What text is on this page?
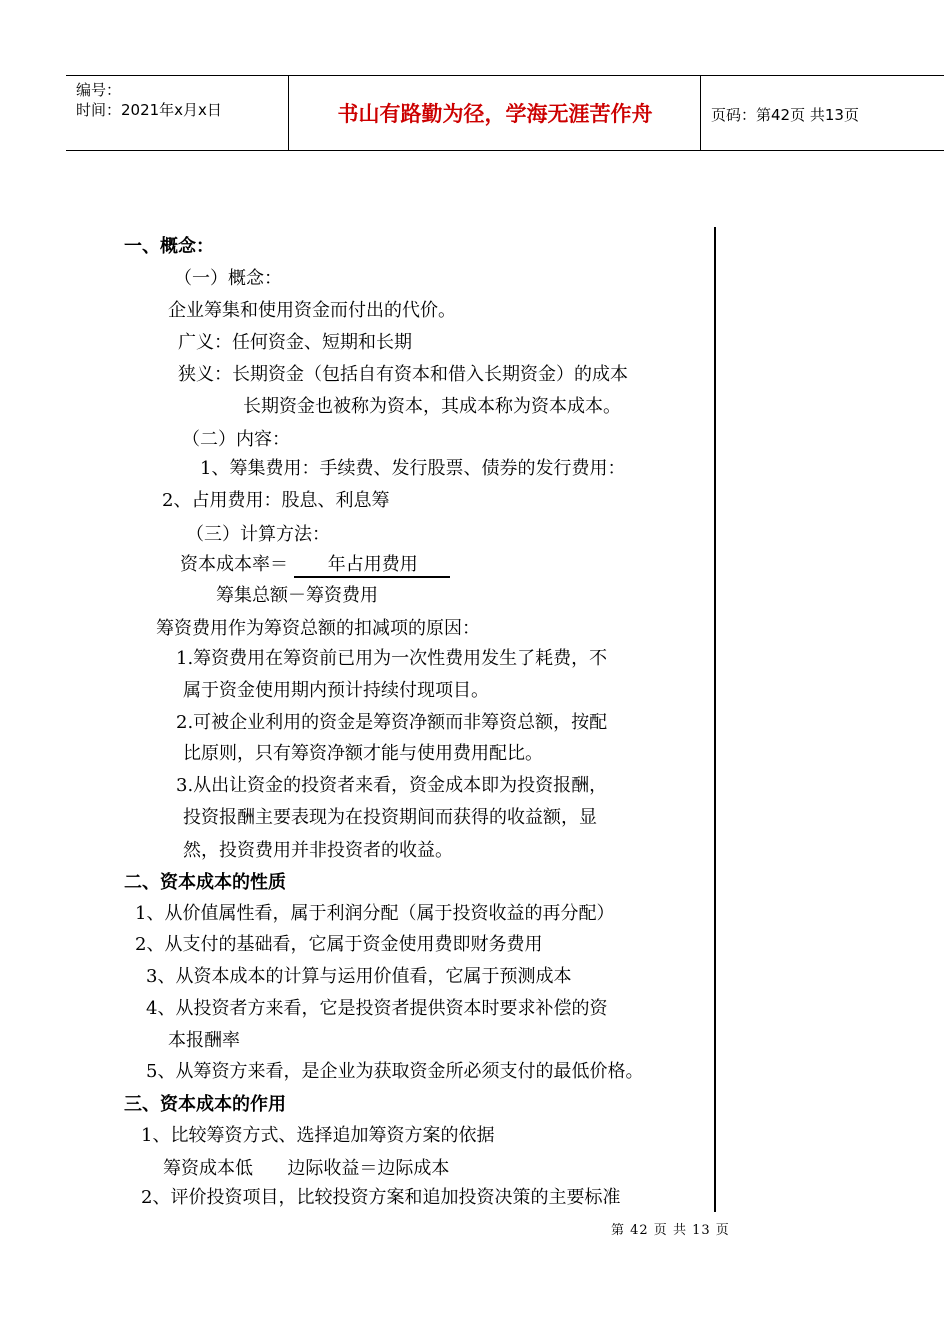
编号：
时间：2021年x月x日	书山有路勤为径，学海无涯苦作舟	页码：第42页 共13页
一、概念：
（一）概念：
企业筹集和使用资金而付出的代价。
广义：任何资金、短期和长期
狭义：长期资金（包括自有资本和借入长期资金）的成本
长期资金也被称为资本，其成本称为资本成本。
（二）内容：
1、筹集费用：手续费、发行股票、债券的发行费用：
2、占用费用：股息、利息筹
（三）计算方法：
资本成本率＝ 年占用费用
筹集总额－筹资费用
筹资费用作为筹资总额的扣减项的原因：
1.筹资费用在筹资前已用为一次性费用发生了耗费，不
属于资金使用期内预计持续付现项目。
2.可被企业利用的资金是筹资净额而非筹资总额，按配
比原则，只有筹资净额才能与使用费用配比。
3.从出让资金的投资者来看，资金成本即为投资报酬，
投资报酬主要表现为在投资期间而获得的收益额，显
然，投资费用并非投资者的收益。
二、资本成本的性质
1、从价值属性看，属于利润分配（属于投资收益的再分配）
2、从支付的基础看，它属于资金使用费即财务费用
3、从资本成本的计算与运用价值看，它属于预测成本
4、从投资者方来看，它是投资者提供资本时要求补偿的资
本报酬率
5、从筹资方来看，是企业为获取资金所必须支付的最低价格。
三、资本成本的作用
1、比较筹资方式、选择追加筹资方案的依据
筹资成本低      边际收益＝边际成本
2、评价投资项目，比较投资方案和追加投资决策的主要标准
第 42 页 共 13 页
